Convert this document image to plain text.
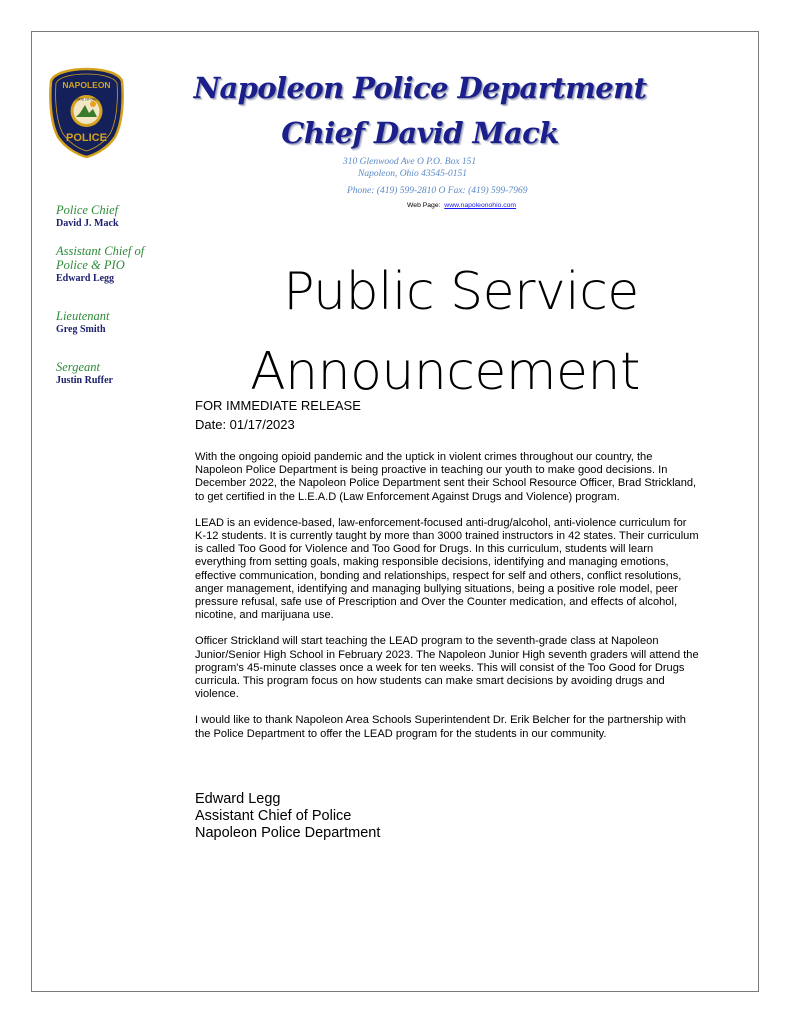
NAPOLEON
STATE OF OHIO
POLICE
Napoleon Police Department
Chief David Mack
310 Glenwood Ave O P.O. Box 151
Napoleon, Ohio 43545-0151
Phone: (419) 599-2810 O Fax: (419) 599-7969
Web Page: www.napoleonohio.com
Police Chief
David J. Mack
Assistant Chief of Police & PIO
Edward Legg
Lieutenant
Greg Smith
Sergeant
Justin Ruffer
Public Service
Announcement
FOR IMMEDIATE RELEASE
Date: 01/17/2023

With the ongoing opioid pandemic and the uptick in violent crimes throughout our country, the Napoleon Police Department is being proactive in teaching our youth to make good decisions. In December 2022, the Napoleon Police Department sent their School Resource Officer, Brad Strickland, to get certified in the L.E.A.D (Law Enforcement Against Drugs and Violence) program.

LEAD is an evidence-based, law-enforcement-focused anti-drug/alcohol, anti-violence curriculum for K-12 students. It is currently taught by more than 3000 trained instructors in 42 states. Their curriculum is called Too Good for Violence and Too Good for Drugs. In this curriculum, students will learn everything from setting goals, making responsible decisions, identifying and managing emotions, effective communication, bonding and relationships, respect for self and others, conflict resolutions, anger management, identifying and managing bullying situations, being a positive role model, peer pressure refusal, safe use of Prescription and Over the Counter medication, and effects of alcohol, nicotine, and marijuana use.

Officer Strickland will start teaching the LEAD program to the seventh-grade class at Napoleon Junior/Senior High School in February 2023. The Napoleon Junior High seventh graders will attend the program's 45-minute classes once a week for ten weeks. This will consist of the Too Good for Drugs curricula. This program focus on how students can make smart decisions by avoiding drugs and violence.

I would like to thank Napoleon Area Schools Superintendent Dr. Erik Belcher for the partnership with the Police Department to offer the LEAD program for the students in our community.

Edward Legg
Assistant Chief of Police
Napoleon Police Department
